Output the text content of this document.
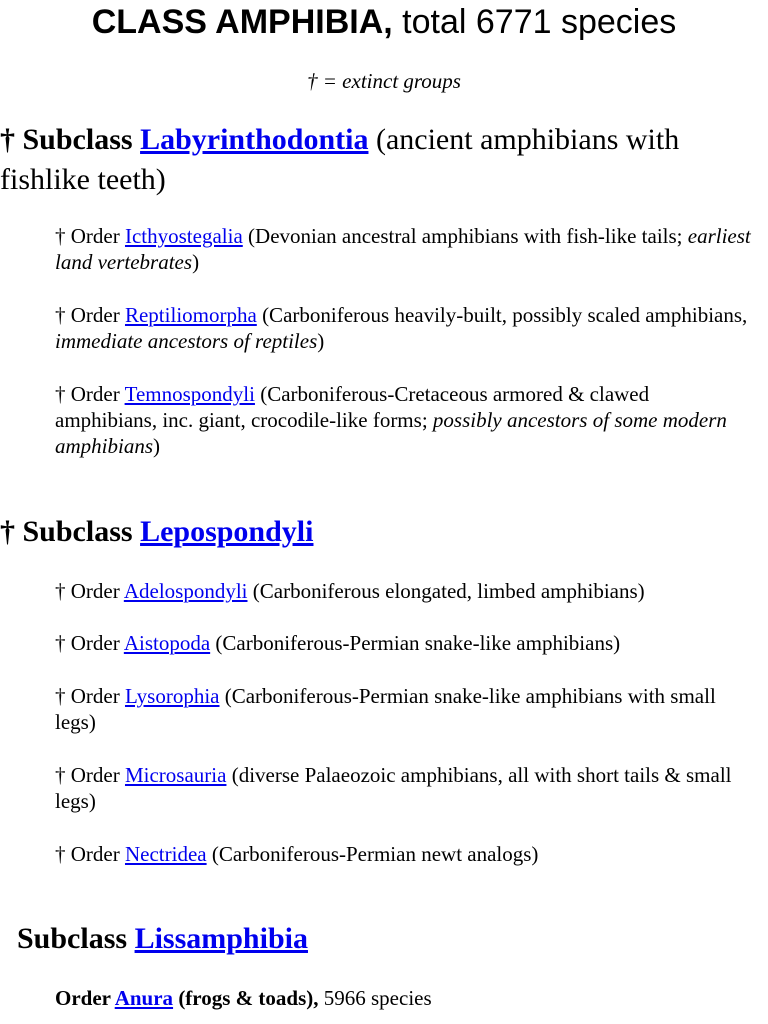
CLASS AMPHIBIA, total 6771 species
† = extinct groups
† Subclass Labyrinthodontia (ancient amphibians with fishlike teeth)
† Order Icthyostegalia (Devonian ancestral amphibians with fish-like tails; earliest land vertebrates)
† Order Reptiliomorpha (Carboniferous heavily-built, possibly scaled amphibians, immediate ancestors of reptiles)
† Order Temnospondyli (Carboniferous-Cretaceous armored & clawed amphibians, inc. giant, crocodile-like forms; possibly ancestors of some modern amphibians)
† Subclass Lepospondyli
† Order Adelospondyli (Carboniferous elongated, limbed amphibians)
† Order Aistopoda (Carboniferous-Permian snake-like amphibians)
† Order Lysorophia (Carboniferous-Permian snake-like amphibians with small legs)
† Order Microsauria (diverse Palaeozoic amphibians, all with short tails & small legs)
† Order Nectridea (Carboniferous-Permian newt analogs)
Subclass Lissamphibia
Order Anura (frogs & toads), 5966 species
